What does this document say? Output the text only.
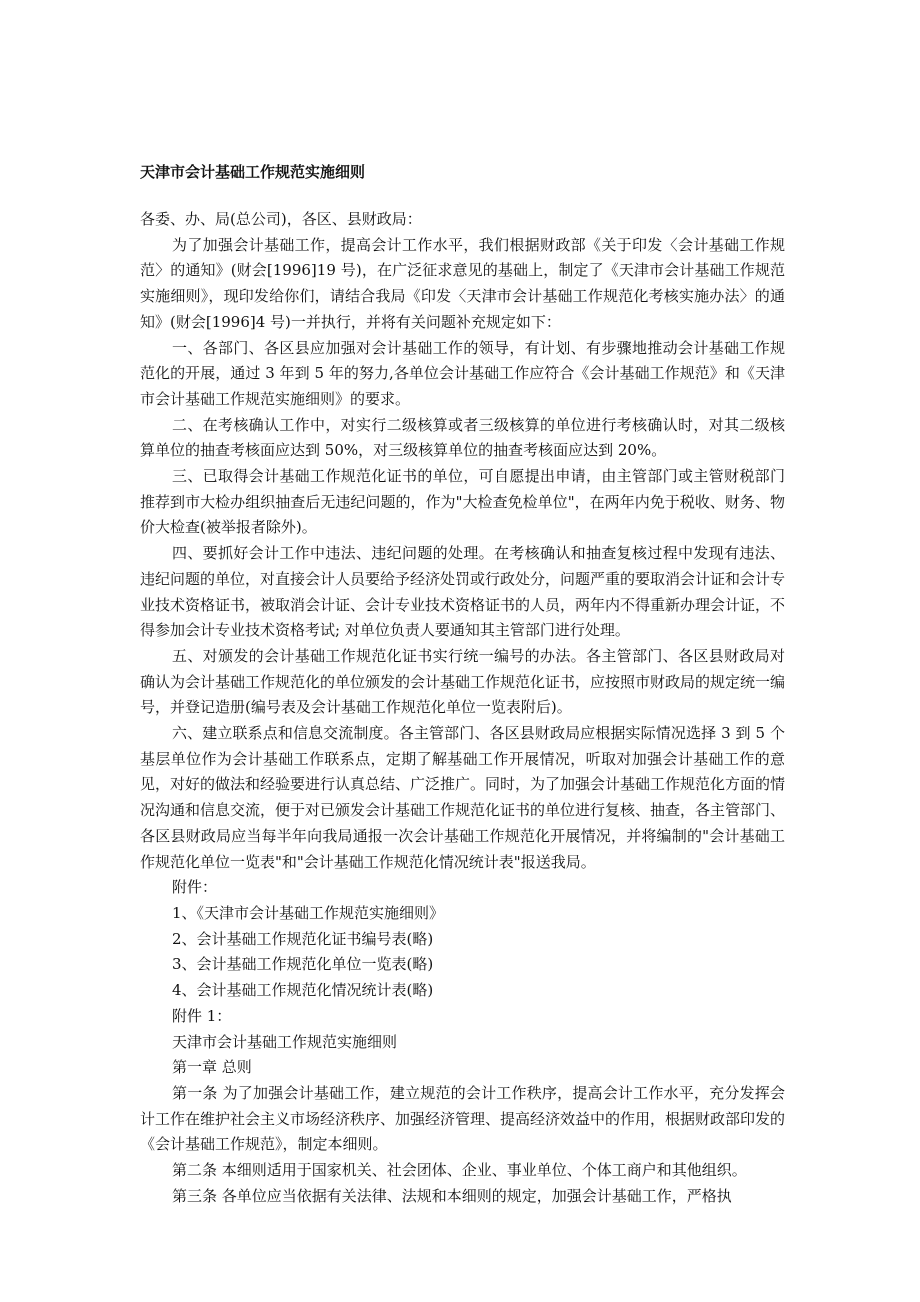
天津市会计基础工作规范实施细则

各委、办、局(总公司)，各区、县财政局：

为了加强会计基础工作，提高会计工作水平，我们根据财政部《关于印发〈会计基础工作规范〉的通知》(财会[1996]19 号)，在广泛征求意见的基础上，制定了《天津市会计基础工作规范实施细则》，现印发给你们，请结合我局《印发〈天津市会计基础工作规范化考核实施办法〉的通知》(财会[1996]4 号)一并执行，并将有关问题补充规定如下：

一、各部门、各区县应加强对会计基础工作的领导，有计划、有步骤地推动会计基础工作规范化的开展，通过 3 年到 5 年的努力,各单位会计基础工作应符合《会计基础工作规范》和《天津市会计基础工作规范实施细则》的要求。

二、在考核确认工作中，对实行二级核算或者三级核算的单位进行考核确认时，对其二级核算单位的抽查考核面应达到 50%，对三级核算单位的抽查考核面应达到 20%。

三、已取得会计基础工作规范化证书的单位，可自愿提出申请，由主管部门或主管财税部门推荐到市大检办组织抽查后无违纪问题的，作为"大检查免检单位"，在两年内免于税收、财务、物价大检查(被举报者除外)。

四、要抓好会计工作中违法、违纪问题的处理。在考核确认和抽查复核过程中发现有违法、违纪问题的单位，对直接会计人员要给予经济处罚或行政处分，问题严重的要取消会计证和会计专业技术资格证书，被取消会计证、会计专业技术资格证书的人员，两年内不得重新办理会计证，不得参加会计专业技术资格考试; 对单位负责人要通知其主管部门进行处理。

五、对颁发的会计基础工作规范化证书实行统一编号的办法。各主管部门、各区县财政局对确认为会计基础工作规范化的单位颁发的会计基础工作规范化证书，应按照市财政局的规定统一编号，并登记造册(编号表及会计基础工作规范化单位一览表附后)。

六、建立联系点和信息交流制度。各主管部门、各区县财政局应根据实际情况选择 3 到 5 个基层单位作为会计基础工作联系点，定期了解基础工作开展情况，听取对加强会计基础工作的意见，对好的做法和经验要进行认真总结、广泛推广。同时，为了加强会计基础工作规范化方面的情况沟通和信息交流，便于对已颁发会计基础工作规范化证书的单位进行复核、抽查，各主管部门、各区县财政局应当每半年向我局通报一次会计基础工作规范化开展情况，并将编制的"会计基础工作规范化单位一览表"和"会计基础工作规范化情况统计表"报送我局。

附件：

1、《天津市会计基础工作规范实施细则》

2、会计基础工作规范化证书编号表(略)

3、会计基础工作规范化单位一览表(略)

4、会计基础工作规范化情况统计表(略)

附件 1：

天津市会计基础工作规范实施细则

第一章 总则

第一条 为了加强会计基础工作，建立规范的会计工作秩序，提高会计工作水平，充分发挥会计工作在维护社会主义市场经济秩序、加强经济管理、提高经济效益中的作用，根据财政部印发的《会计基础工作规范》，制定本细则。

第二条 本细则适用于国家机关、社会团体、企业、事业单位、个体工商户和其他组织。

第三条 各单位应当依据有关法律、法规和本细则的规定，加强会计基础工作，严格执
